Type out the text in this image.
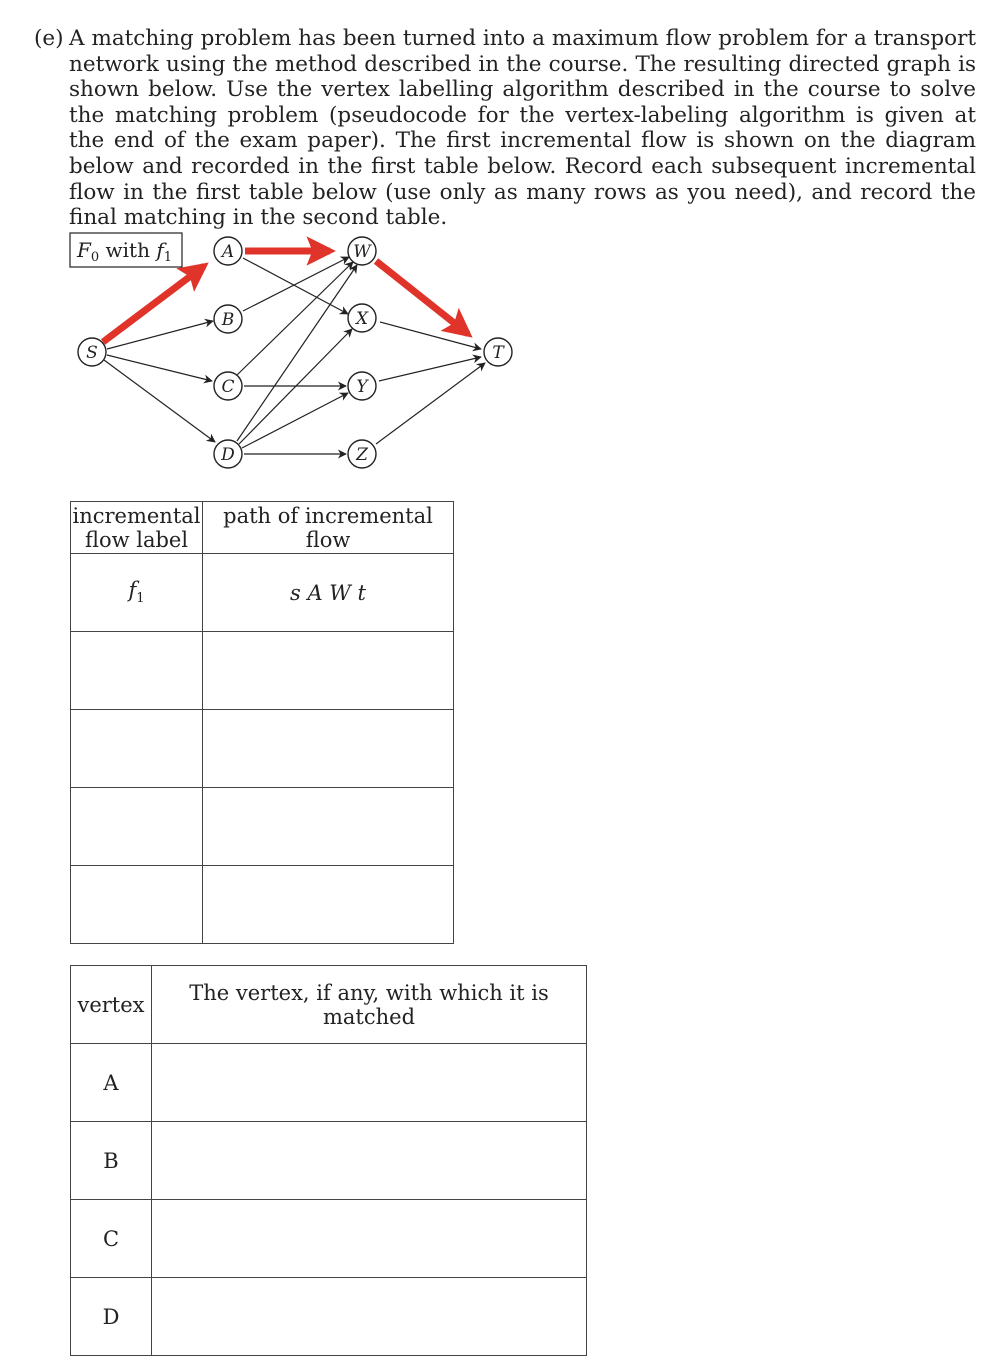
(e) A matching problem has been turned into a maximum flow problem for a transport network using the method described in the course. The resulting directed graph is shown below. Use the vertex labelling algorithm described in the course to solve the matching problem (pseudocode for the vertex-labeling algorithm is given at the end of the exam paper). The first incremental flow is shown on the diagram below and recorded in the first table below. Record each subsequent incremental flow in the first table below (use only as many rows as you need), and record the final matching in the second table.
$F_0$ with $f_1$
S
A
B
C
D
W
X
Y
Z
T
incremental flow label	path of incremental flow
$f_1$	s A W t

vertex	The vertex, if any, with which it is matched
A	
B	
C	
D	
